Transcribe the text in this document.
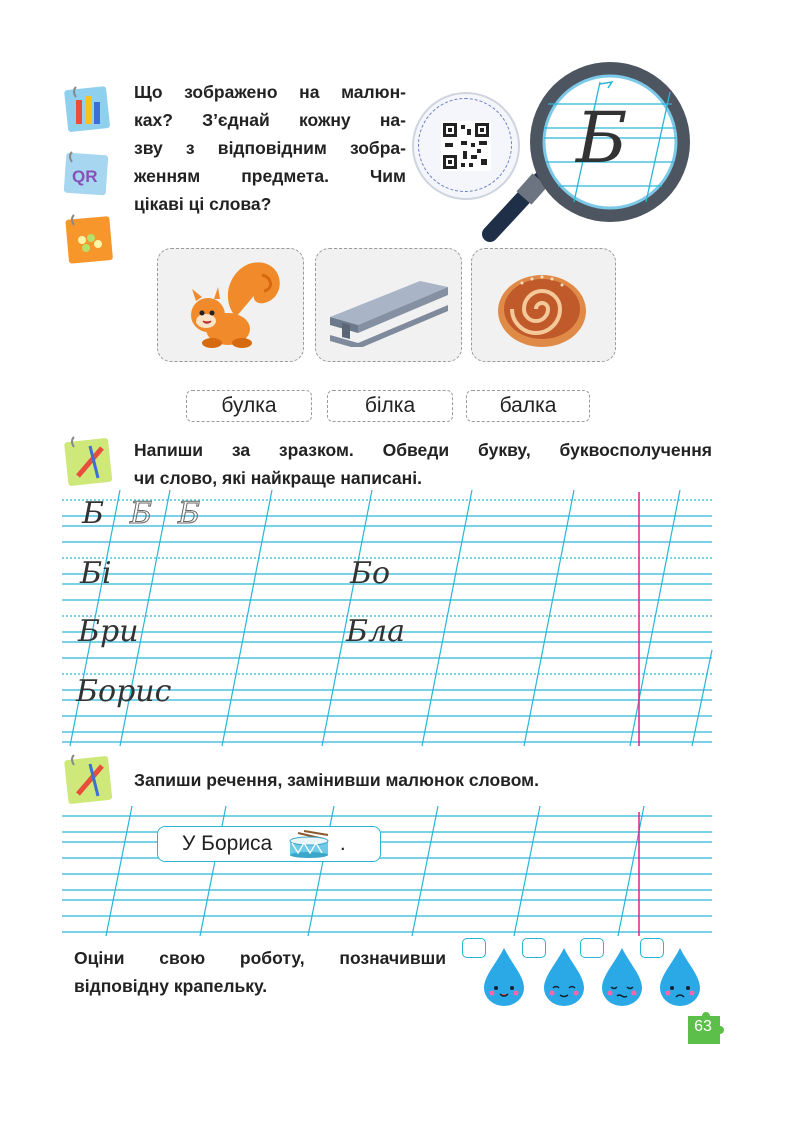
QR
Що зображено на малюн-
ках? З’єднай кожну на-
зву з відповідним зобра-
женням предмета. Чим
цікаві ці слова?
Б
булка	білка	балка
Напиши за зразком. Обведи букву, буквосполучення
чи слово, які найкраще написані.
Б Б Б
Бі	Бо
Бри	Бла
Борис
Запиши речення, замінивши малюнок словом.
У Бориса	.
Оціни свою роботу, позначивши
відповідну крапельку.
63
